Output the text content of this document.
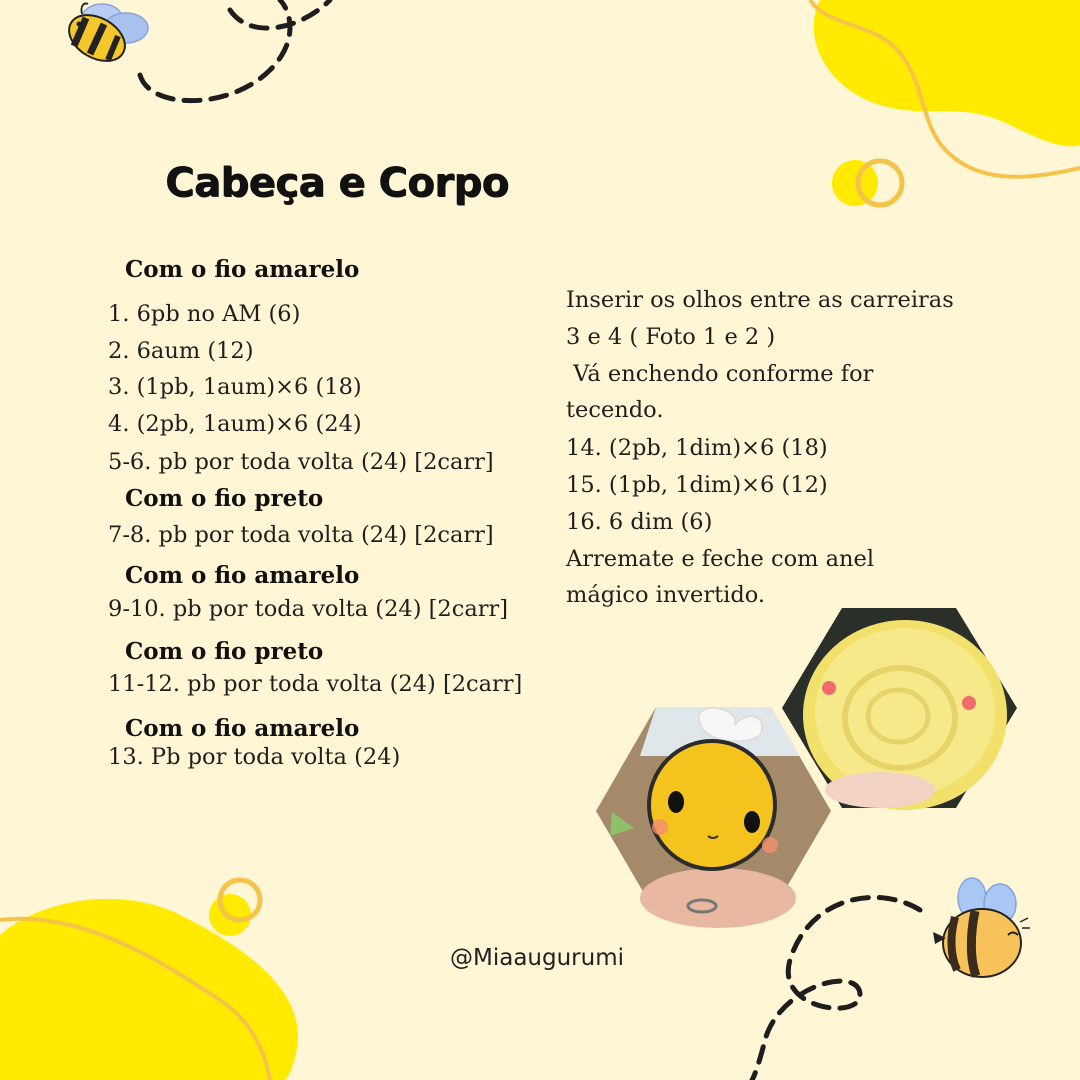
Cabeça e Corpo
Com o fio amarelo
1. 6pb no AM (6)
2. 6aum (12)
3. (1pb, 1aum)×6 (18)
4. (2pb, 1aum)×6 (24)
5-6. pb por toda volta (24) [2carr]
Com o fio preto
7-8. pb por toda volta (24) [2carr]
Com o fio amarelo
9-10. pb por toda volta (24) [2carr]
Com o fio preto
11-12. pb por toda volta (24) [2carr]
Com o fio amarelo
13. Pb por toda volta (24)
Inserir os olhos entre as carreiras
3 e 4 ( Foto 1 e 2 )
Vá enchendo conforme for
tecendo.
14. (2pb, 1dim)×6 (18)
15. (1pb, 1dim)×6 (12)
16. 6 dim (6)
Arremate e feche com anel
mágico invertido.
@Miaaugurumi
